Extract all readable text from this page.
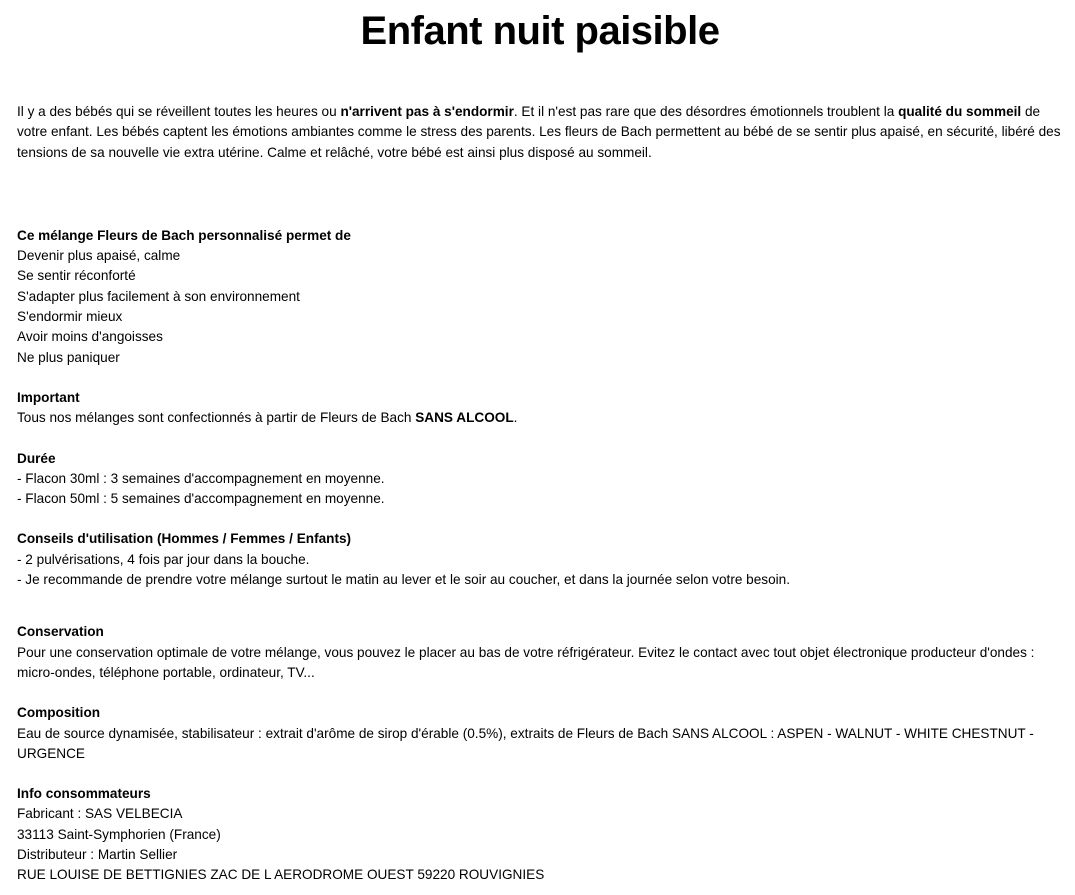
Enfant nuit paisible

Il y a des bébés qui se réveillent toutes les heures ou n'arrivent pas à s'endormir. Et il n'est pas rare que des désordres émotionnels troublent la qualité du sommeil de votre enfant. Les bébés captent les émotions ambiantes comme le stress des parents. Les fleurs de Bach permettent au bébé de se sentir plus apaisé, en sécurité, libéré des tensions de sa nouvelle vie extra utérine. Calme et relâché, votre bébé est ainsi plus disposé au sommeil.

Ce mélange Fleurs de Bach personnalisé permet de
Devenir plus apaisé, calme
Se sentir réconforté
S'adapter plus facilement à son environnement
S'endormir mieux
Avoir moins d'angoisses
Ne plus paniquer
Important
Tous nos mélanges sont confectionnés à partir de Fleurs de Bach SANS ALCOOL.
Durée
- Flacon 30ml : 3 semaines d'accompagnement en moyenne.
- Flacon 50ml : 5 semaines d'accompagnement en moyenne.
Conseils d'utilisation (Hommes / Femmes / Enfants)
- 2 pulvérisations, 4 fois par jour dans la bouche.
- Je recommande de prendre votre mélange surtout le matin au lever et le soir au coucher, et dans la journée selon votre besoin.
Conservation
Pour une conservation optimale de votre mélange, vous pouvez le placer au bas de votre réfrigérateur. Evitez le contact avec tout objet électronique producteur d'ondes : micro-ondes, téléphone portable, ordinateur, TV...
Composition
Eau de source dynamisée, stabilisateur : extrait d'arôme de sirop d'érable (0.5%), extraits de Fleurs de Bach SANS ALCOOL : ASPEN - WALNUT - WHITE CHESTNUT - URGENCE
Info consommateurs
Fabricant : SAS VELBECIA
33113 Saint-Symphorien (France)
Distributeur : Martin Sellier
RUE LOUISE DE BETTIGNIES ZAC DE L AERODROME OUEST 59220 ROUVIGNIES
